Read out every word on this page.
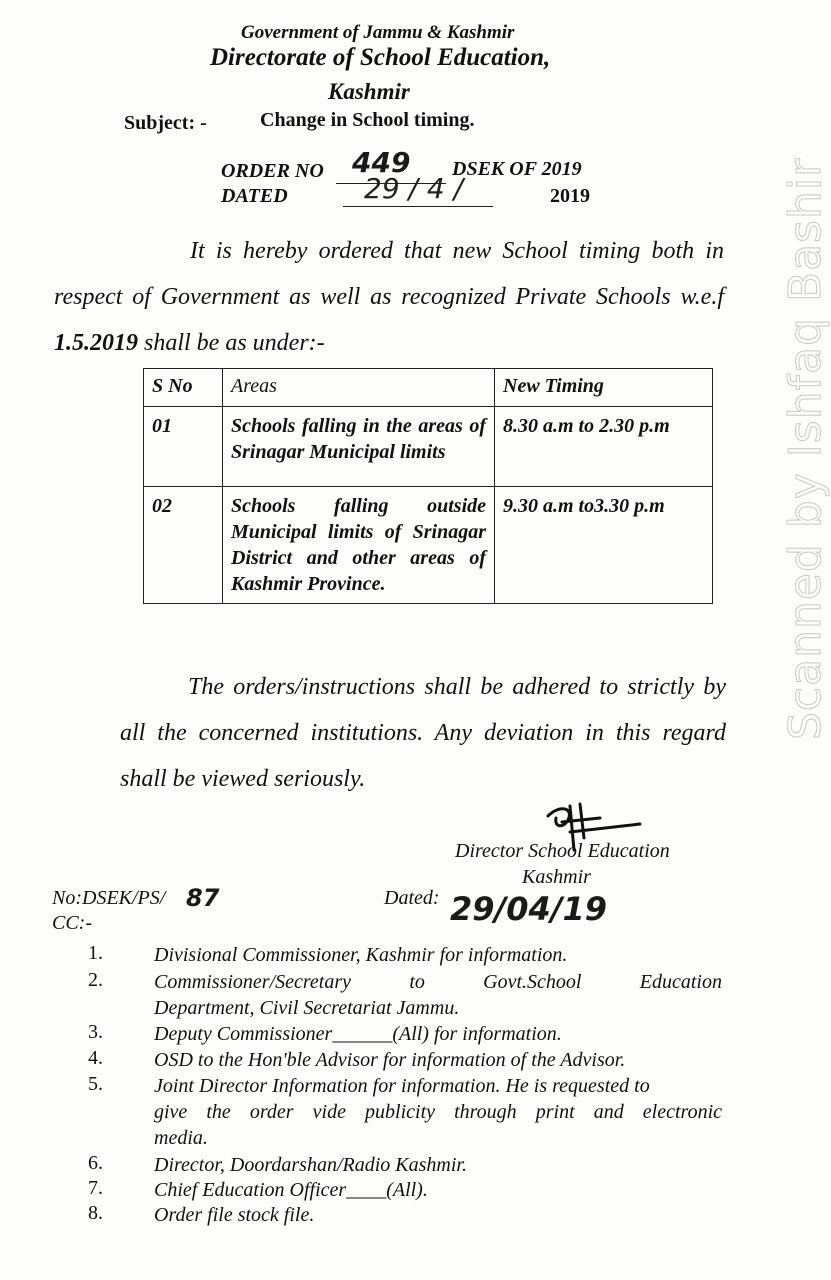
Government of Jammu & Kashmir
Directorate of School Education,
Kashmir
Subject: -	Change in School timing.
ORDER NO 449 DSEK OF 2019
DATED	29 / 4 /	2019
It is hereby ordered that new School timing both in respect of Government as well as recognized Private Schools w.e.f 1.5.2019 shall be as under:-
S No	Areas	New Timing
01	Schools falling in the areas of Srinagar Municipal limits	8.30 a.m to 2.30 p.m
02	Schools falling outside Municipal limits of Srinagar District and other areas of Kashmir Province.	9.30 a.m to3.30 p.m
The orders/instructions shall be adhered to strictly by all the concerned institutions. Any deviation in this regard shall be viewed seriously.
Director School Education
Kashmir
No:DSEK/PS/ 87	Dated: 29/04/19
CC:-
1.	Divisional Commissioner, Kashmir for information.
2.	Commissioner/Secretary to Govt.School Education
Department, Civil Secretariat Jammu.
3.	Deputy Commissioner______(All) for information.
4.	OSD to the Hon'ble Advisor for information of the Advisor.
5.	Joint Director Information for information. He is requested to
give the order vide publicity through print and electronic
media.
6.	Director, Doordarshan/Radio Kashmir.
7.	Chief Education Officer____(All).
8.	Order file stock file.
Scanned by Ishfaq Bashir
